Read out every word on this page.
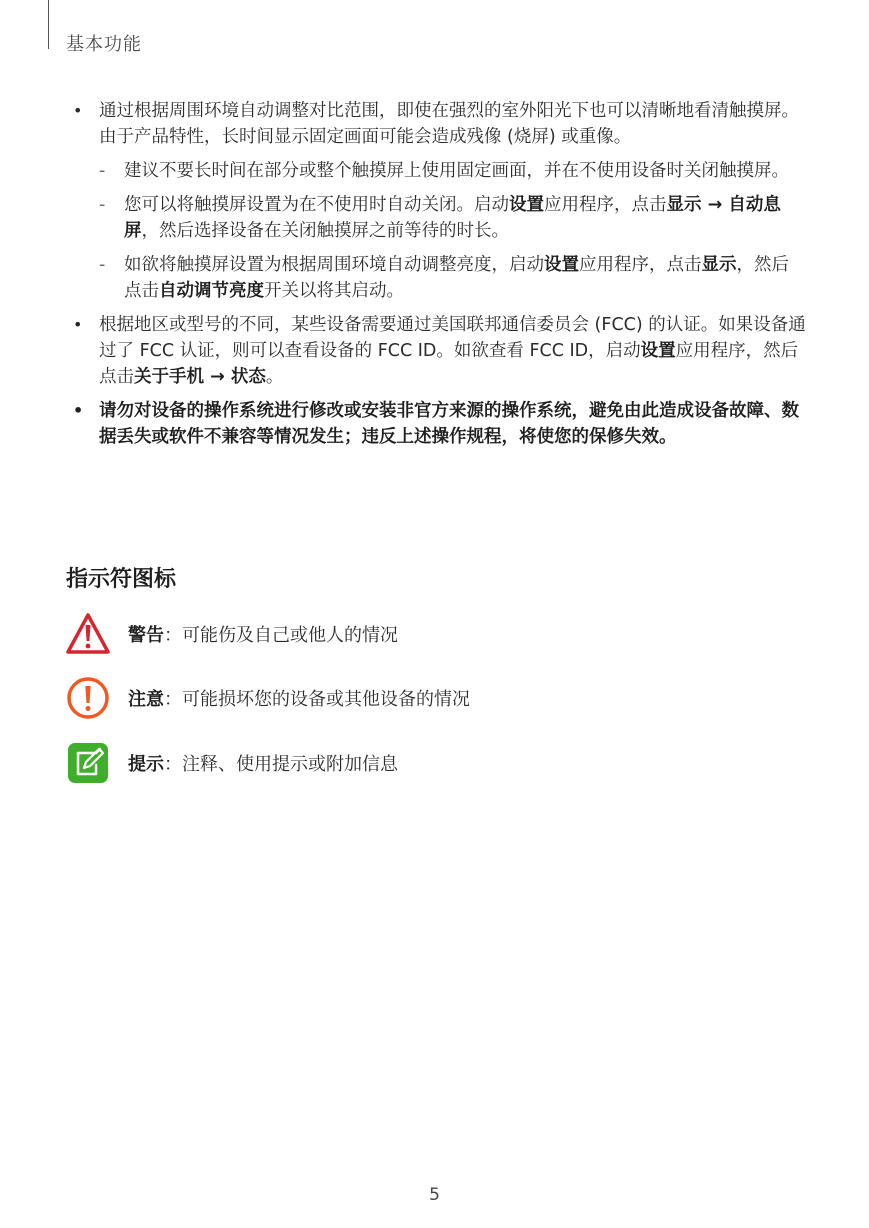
基本功能
• 通过根据周围环境自动调整对比范围，即使在强烈的室外阳光下也可以清晰地看清触摸屏。由于产品特性，长时间显示固定画面可能会造成残像 (烧屏) 或重像。
- 建议不要长时间在部分或整个触摸屏上使用固定画面，并在不使用设备时关闭触摸屏。
- 您可以将触摸屏设置为在不使用时自动关闭。启动设置应用程序，点击显示 → 自动息屏，然后选择设备在关闭触摸屏之前等待的时长。
- 如欲将触摸屏设置为根据周围环境自动调整亮度，启动设置应用程序，点击显示，然后点击自动调节亮度开关以将其启动。
• 根据地区或型号的不同，某些设备需要通过美国联邦通信委员会 (FCC) 的认证。如果设备通过了 FCC 认证，则可以查看设备的 FCC ID。如欲查看 FCC ID，启动设置应用程序，然后点击关于手机 → 状态。
• 请勿对设备的操作系统进行修改或安装非官方来源的操作系统，避免由此造成设备故障、数据丢失或软件不兼容等情况发生；违反上述操作规程，将使您的保修失效。
指示符图标
警告：可能伤及自己或他人的情况
注意：可能损坏您的设备或其他设备的情况
提示：注释、使用提示或附加信息
5
